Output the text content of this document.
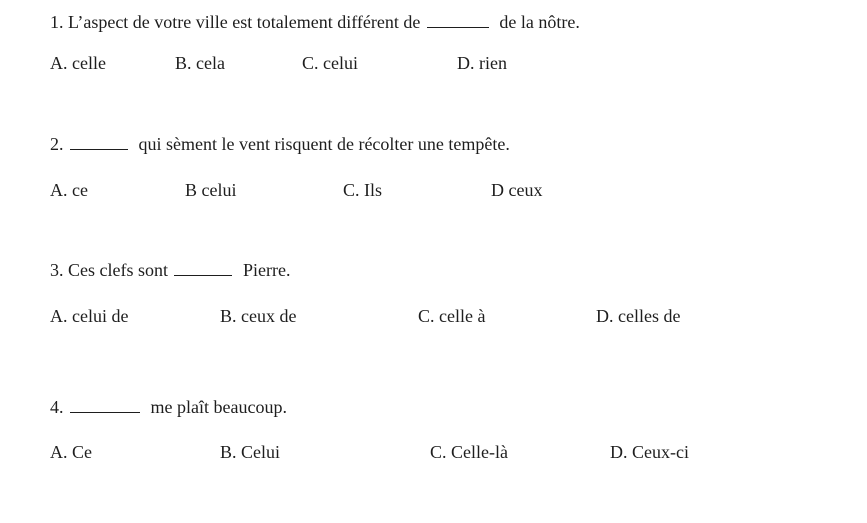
1. L’aspect de votre ville est totalement différent de	de la nôtre.
A. celle	B. cela	C. celui	D. rien
2.	qui sèment le vent risquent de récolter une tempête.
A. ce	B celui	C. Ils	D ceux
3. Ces clefs sont	Pierre.
A. celui de	B. ceux de	C. celle à	D. celles de
4.	me plaît beaucoup.
A. Ce	B. Celui	C. Celle-là	D. Ceux-ci
